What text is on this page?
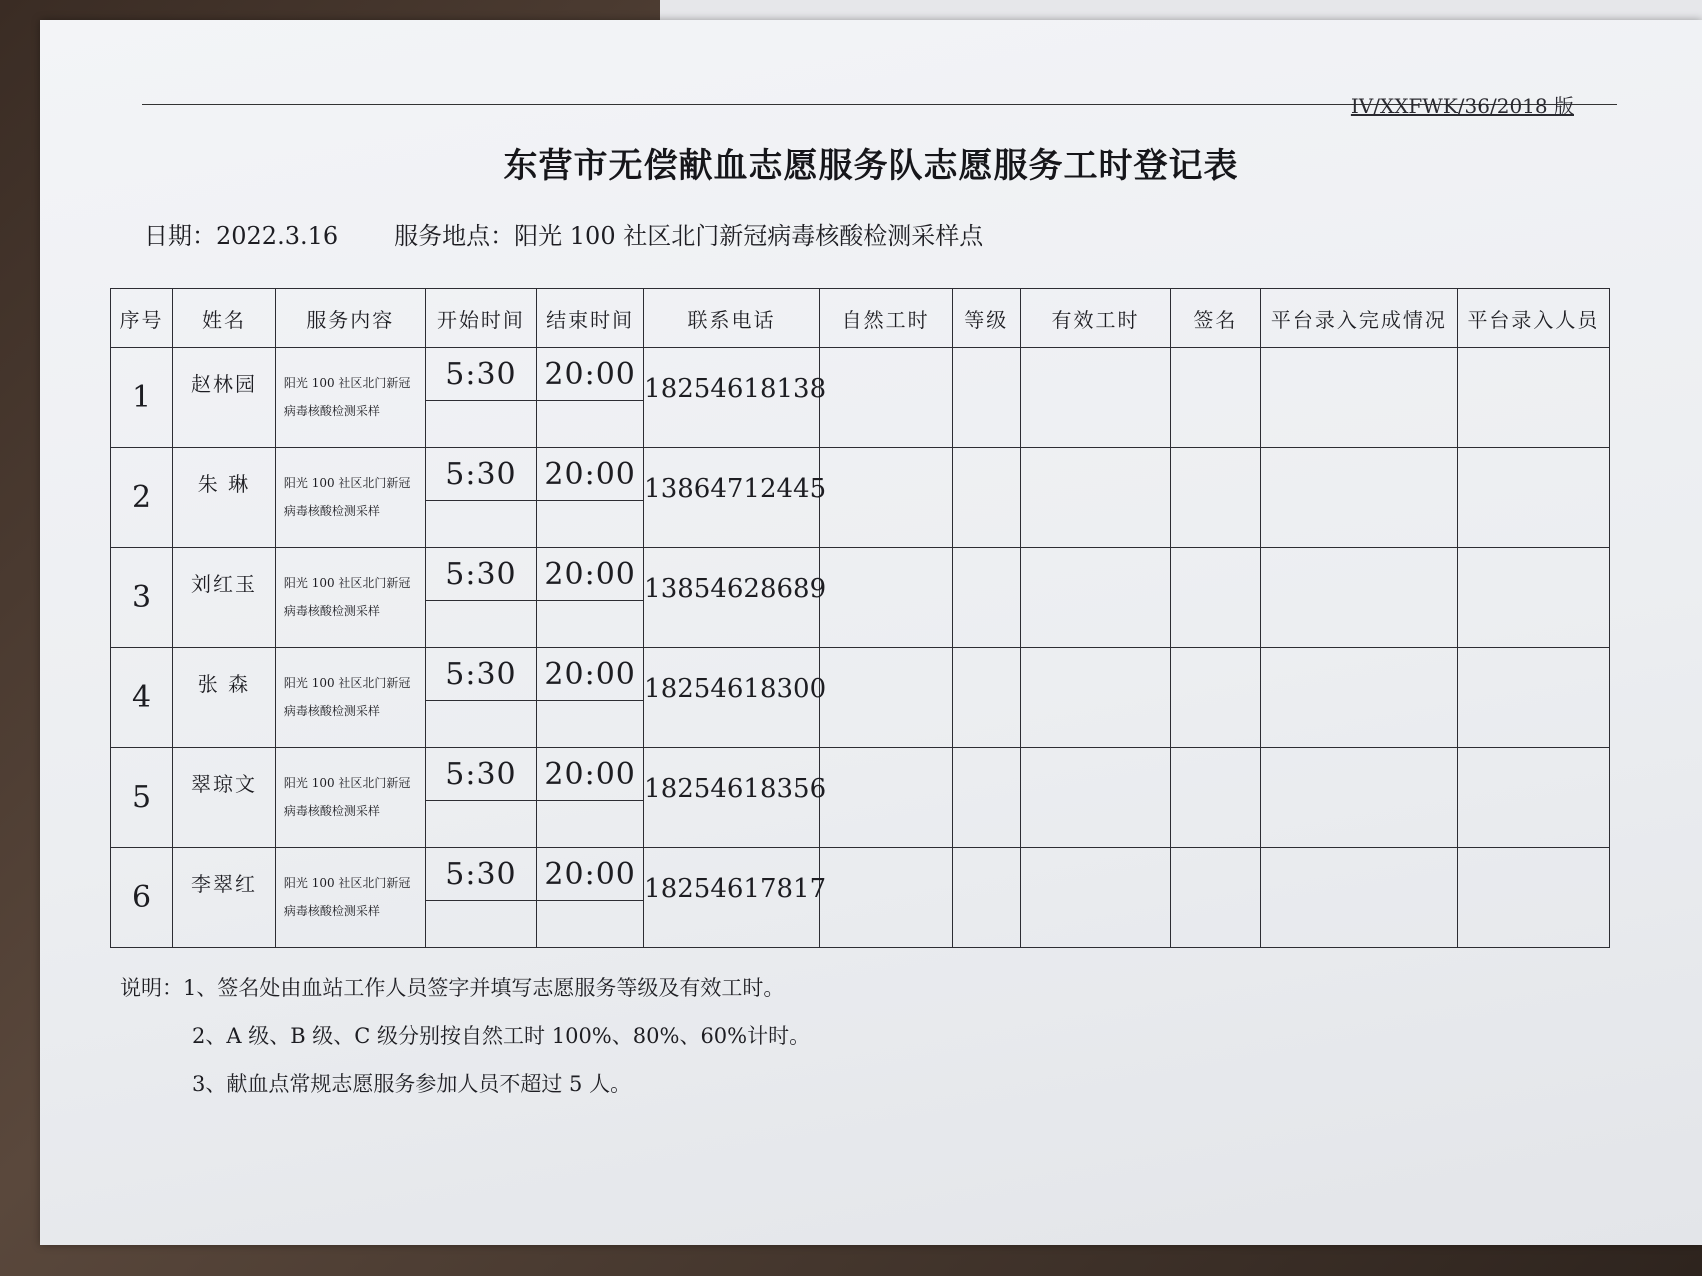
IV/XXFWK/36/2018 版
东营市无偿献血志愿服务队志愿服务工时登记表
日期：2022.3.16 服务地点：阳光 100 社区北门新冠病毒核酸检测采样点
序号	姓名	服务内容	开始时间	结束时间	联系电话	自然工时	等级	有效工时	签名	平台录入完成情况	平台录入人员
1	赵林园	阳光 100 社区北门新冠
病毒核酸检测采样	5:30	20:00	18254618138						

2	朱 琳	阳光 100 社区北门新冠
病毒核酸检测采样	5:30	20:00	13864712445						

3	刘红玉	阳光 100 社区北门新冠
病毒核酸检测采样	5:30	20:00	13854628689						

4	张 森	阳光 100 社区北门新冠
病毒核酸检测采样	5:30	20:00	18254618300						

5	翠琼文	阳光 100 社区北门新冠
病毒核酸检测采样	5:30	20:00	18254618356						

6	李翠红	阳光 100 社区北门新冠
病毒核酸检测采样	5:30	20:00	18254617817						

说明：1、签名处由血站工作人员签字并填写志愿服务等级及有效工时。
2、A 级、B 级、C 级分别按自然工时 100%、80%、60%计时。
3、献血点常规志愿服务参加人员不超过 5 人。
